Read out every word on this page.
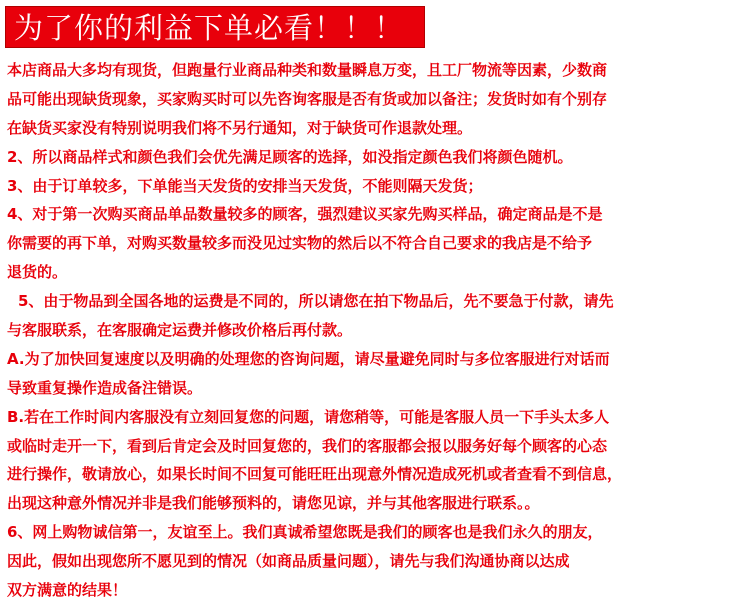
为了你的利益下单必看！！！
本店商品大多均有现货，但跑量行业商品种类和数量瞬息万变，且工厂物流等因素，少数商
品可能出现缺货现象，买家购买时可以先咨询客服是否有货或加以备注；发货时如有个别存
在缺货买家没有特别说明我们将不另行通知，对于缺货可作退款处理。
2、所以商品样式和颜色我们会优先满足顾客的选择，如没指定颜色我们将颜色随机。
3、由于订单较多，下单能当天发货的安排当天发货，不能则隔天发货；
4、对于第一次购买商品单品数量较多的顾客，强烈建议买家先购买样品，确定商品是不是
你需要的再下单，对购买数量较多而没见过实物的然后以不符合自己要求的我店是不给予
退货的。
5、由于物品到全国各地的运费是不同的，所以请您在拍下物品后，先不要急于付款，请先
与客服联系，在客服确定运费并修改价格后再付款。
A.为了加快回复速度以及明确的处理您的咨询问题，请尽量避免同时与多位客服进行对话而
导致重复操作造成备注错误。
B.若在工作时间内客服没有立刻回复您的问题，请您稍等，可能是客服人员一下手头太多人
或临时走开一下，看到后肯定会及时回复您的，我们的客服都会报以服务好每个顾客的心态
进行操作，敬请放心，如果长时间不回复可能旺旺出现意外情况造成死机或者查看不到信息，
出现这种意外情况并非是我们能够预料的，请您见谅，并与其他客服进行联系。。
6、网上购物诚信第一，友谊至上。我们真诚希望您既是我们的顾客也是我们永久的朋友，
因此，假如出现您所不愿见到的情况（如商品质量问题），请先与我们沟通协商以达成
双方满意的结果！
